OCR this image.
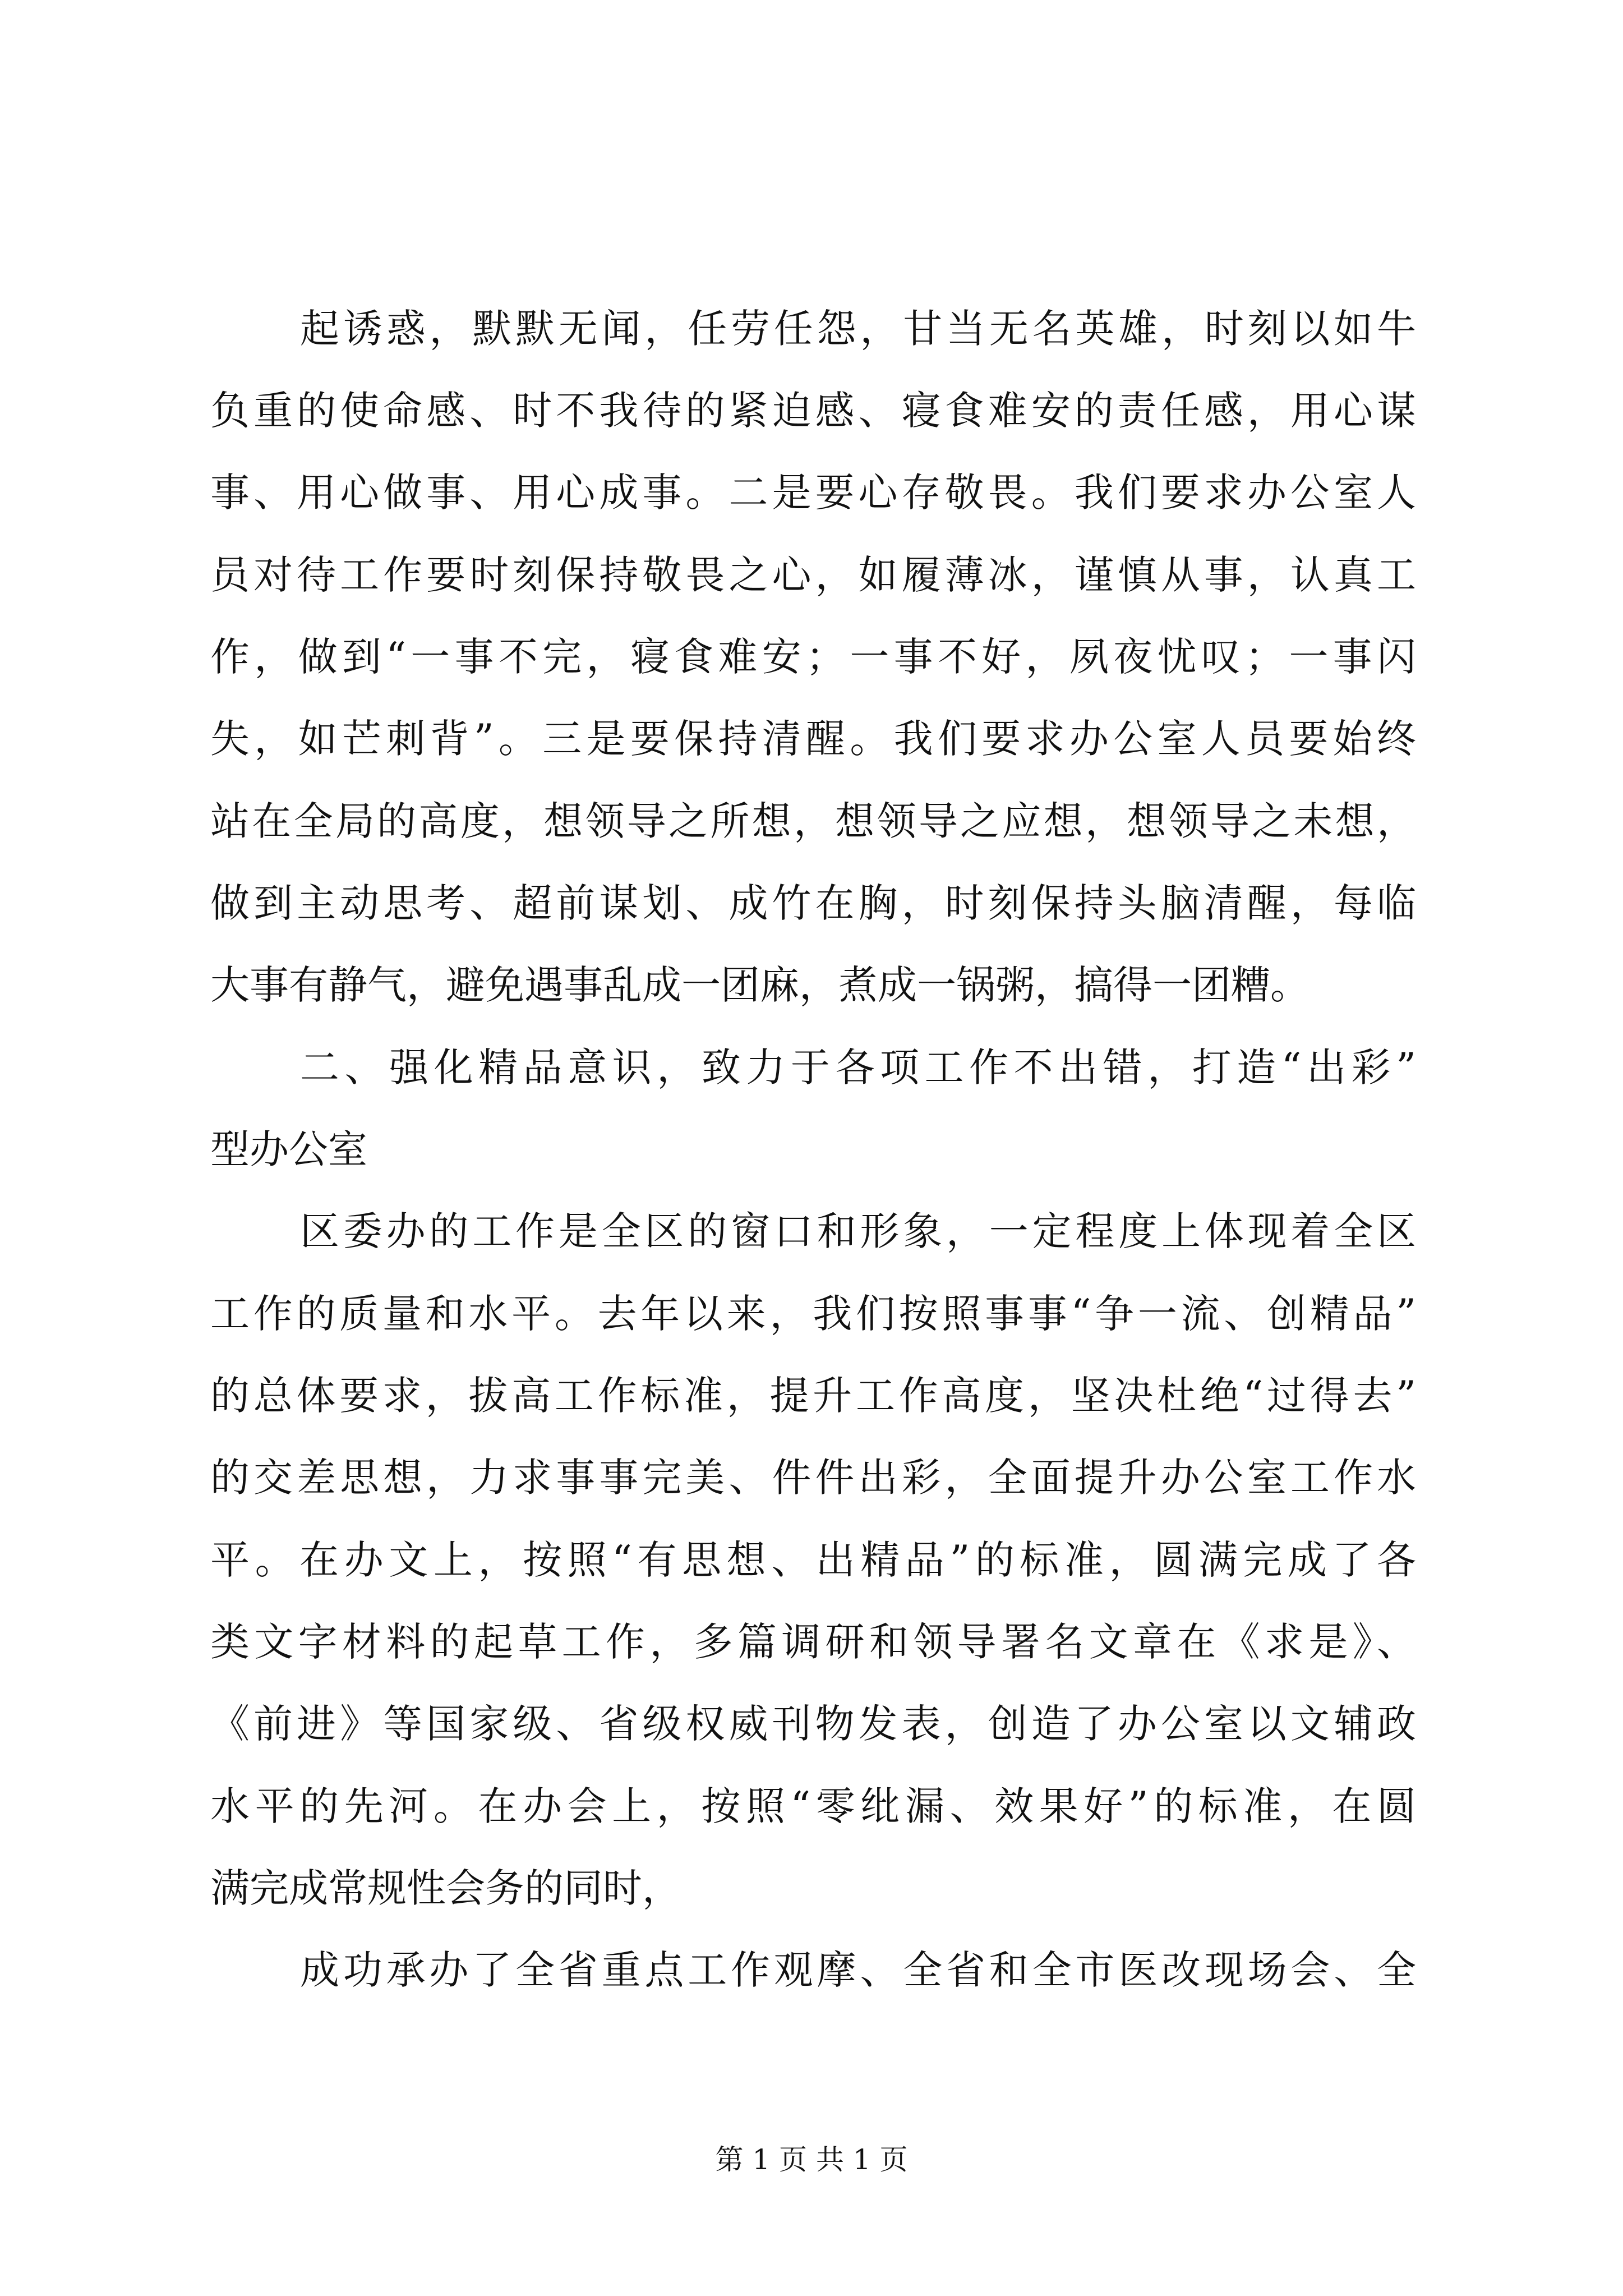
起诱惑，默默无闻，任劳任怨，甘当无名英雄，时刻以如牛
负重的使命感、时不我待的紧迫感、寝食难安的责任感，用心谋
事、用心做事、用心成事。二是要心存敬畏。我们要求办公室人
员对待工作要时刻保持敬畏之心，如履薄冰，谨慎从事，认真工
作，做到“一事不完，寝食难安；一事不好，夙夜忧叹；一事闪
失，如芒刺背”。三是要保持清醒。我们要求办公室人员要始终
站在全局的高度，想领导之所想，想领导之应想，想领导之未想，
做到主动思考、超前谋划、成竹在胸，时刻保持头脑清醒，每临
大事有静气，避免遇事乱成一团麻，煮成一锅粥，搞得一团糟。
二、强化精品意识，致力于各项工作不出错，打造“出彩”
型办公室
区委办的工作是全区的窗口和形象，一定程度上体现着全区
工作的质量和水平。去年以来，我们按照事事“争一流、创精品”
的总体要求，拔高工作标准，提升工作高度，坚决杜绝“过得去”
的交差思想，力求事事完美、件件出彩，全面提升办公室工作水
平。在办文上，按照“有思想、出精品”的标准，圆满完成了各
类文字材料的起草工作，多篇调研和领导署名文章在《求是》、
《前进》等国家级、省级权威刊物发表，创造了办公室以文辅政
水平的先河。在办会上，按照“零纰漏、效果好”的标准，在圆
满完成常规性会务的同时，
成功承办了全省重点工作观摩、全省和全市医改现场会、全
第 1 页 共 1 页
